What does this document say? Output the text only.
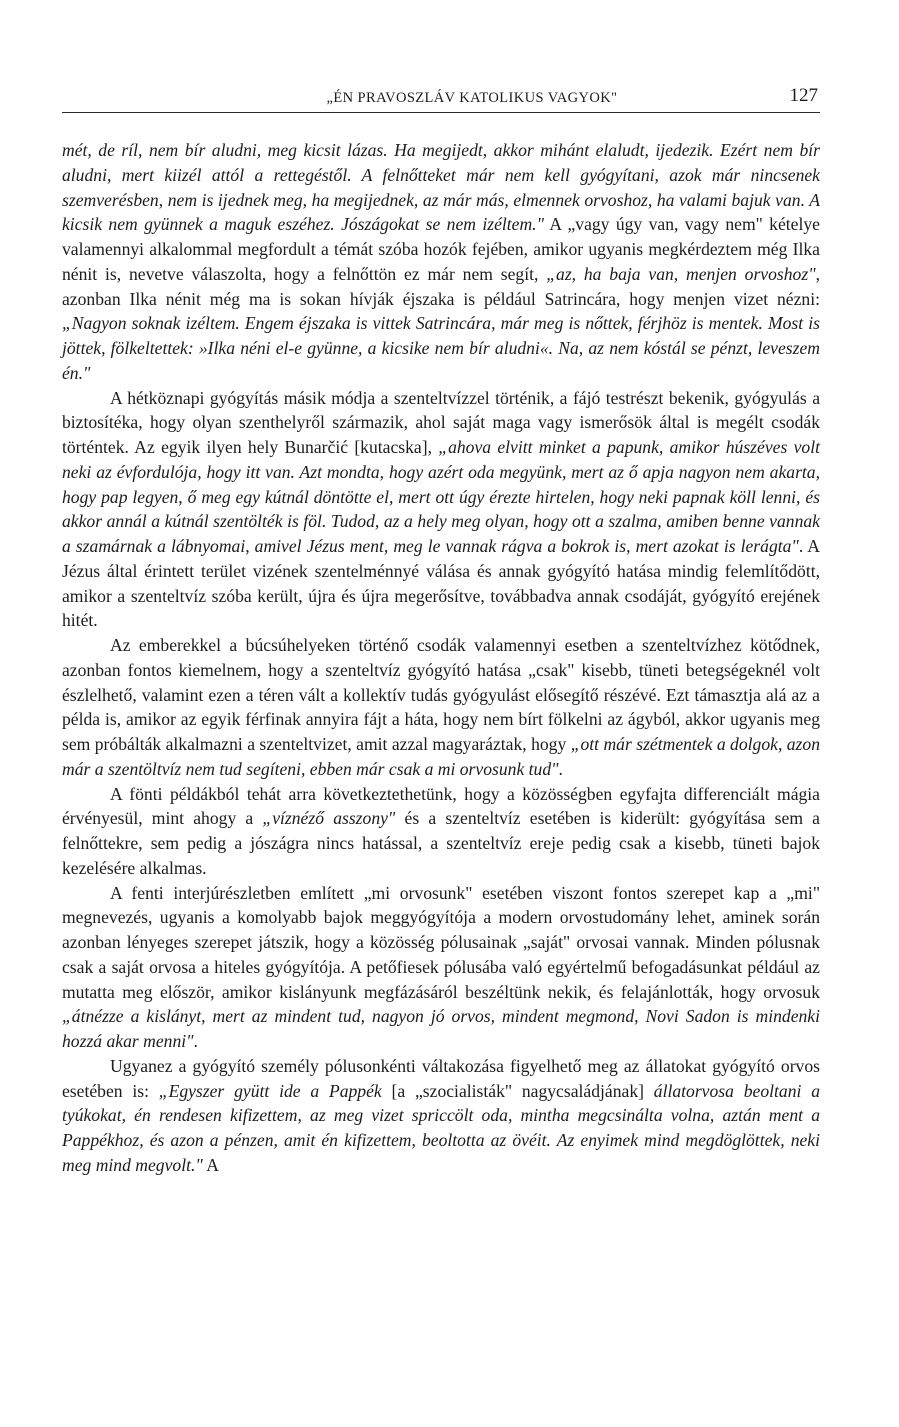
„ÉN PRAVOSZLÁV KATOLIKUS VAGYOK"	127

mét, de ríl, nem bír aludni, meg kicsit lázas. Ha megijedt, akkor mihánt elaludt, ijedezik. Ezért nem bír aludni, mert kiizél attól a rettegéstől. A felnőtteket már nem kell gyógyítani, azok már nincsenek szemverésben, nem is ijednek meg, ha megijednek, az már más, elmennek orvoshoz, ha valami bajuk van. A kicsik nem gyünnek a maguk eszéhez. Jószágokat se nem izéltem." A „vagy úgy van, vagy nem" kételye valamennyi alkalommal megfordult a témát szóba hozók fejében, amikor ugyanis megkérdeztem még Ilka nénit is, nevetve válaszolta, hogy a felnőttön ez már nem segít, „az, ha baja van, menjen orvoshoz", azonban Ilka nénit még ma is sokan hívják éjszaka is például Satrincára, hogy menjen vizet nézni: „Nagyon soknak izéltem. Engem éjszaka is vittek Satrincára, már meg is nőttek, férjhöz is mentek. Most is jöttek, fölkeltettek: »Ilka néni el-e gyünne, a kicsike nem bír aludni«. Na, az nem kóstál se pénzt, leveszem én."

A hétköznapi gyógyítás másik módja a szenteltvízzel történik, a fájó testrészt bekenik, gyógyulás a biztosítéka, hogy olyan szenthelyről származik, ahol saját maga vagy ismerősök által is megélt csodák történtek. Az egyik ilyen hely Bunarčić [kutacska], „ahova elvitt minket a papunk, amikor húszéves volt neki az évfordulója, hogy itt van. Azt mondta, hogy azért oda megyünk, mert az ő apja nagyon nem akarta, hogy pap legyen, ő meg egy kútnál döntötte el, mert ott úgy érezte hirtelen, hogy neki papnak köll lenni, és akkor annál a kútnál szentölték is föl. Tudod, az a hely meg olyan, hogy ott a szalma, amiben benne vannak a szamárnak a lábnyomai, amivel Jézus ment, meg le vannak rágva a bokrok is, mert azokat is lerágta". A Jézus által érintett terület vizének szentelménnyé válása és annak gyógyító hatása mindig felemlítődött, amikor a szenteltvíz szóba került, újra és újra megerősítve, továbbadva annak csodáját, gyógyító erejének hitét.

Az emberekkel a búcsúhelyeken történő csodák valamennyi esetben a szenteltvízhez kötődnek, azonban fontos kiemelnem, hogy a szenteltvíz gyógyító hatása „csak" kisebb, tüneti betegségeknél volt észlelhető, valamint ezen a téren vált a kollektív tudás gyógyulást elősegítő részévé. Ezt támasztja alá az a példa is, amikor az egyik férfinak annyira fájt a háta, hogy nem bírt fölkelni az ágyból, akkor ugyanis meg sem próbálták alkalmazni a szenteltvizet, amit azzal magyaráztak, hogy „ott már szétmentek a dolgok, azon már a szentöltvíz nem tud segíteni, ebben már csak a mi orvosunk tud".

A fönti példákból tehát arra következtethetünk, hogy a közösségben egyfajta differenciált mágia érvényesül, mint ahogy a „víznéző asszony" és a szenteltvíz esetében is kiderült: gyógyítása sem a felnőttekre, sem pedig a jószágra nincs hatással, a szenteltvíz ereje pedig csak a kisebb, tüneti bajok kezelésére alkalmas.

A fenti interjúrészletben említett „mi orvosunk" esetében viszont fontos szerepet kap a „mi" megnevezés, ugyanis a komolyabb bajok meggyógyítója a modern orvostudomány lehet, aminek során azonban lényeges szerepet játszik, hogy a közösség pólusainak „saját" orvosai vannak. Minden pólusnak csak a saját orvosa a hiteles gyógyítója. A petőfiesek pólusába való egyértelmű befogadásunkat például az mutatta meg először, amikor kislányunk megfázásáról beszéltünk nekik, és felajánlották, hogy orvosuk „átnézze a kislányt, mert az mindent tud, nagyon jó orvos, mindent megmond, Novi Sadon is mindenki hozzá akar menni".

Ugyanez a gyógyító személy pólusonkénti váltakozása figyelhető meg az állatokat gyógyító orvos esetében is: „Egyszer gyütt ide a Pappék [a „szocialisták" nagycsaládjának] állatorvosa beoltani a tyúkokat, én rendesen kifizettem, az meg vizet spriccölt oda, mintha megcsinálta volna, aztán ment a Pappékhoz, és azon a pénzen, amit én kifizettem, beoltotta az övéit. Az enyimek mind megdöglöttek, neki meg mind megvolt." A
